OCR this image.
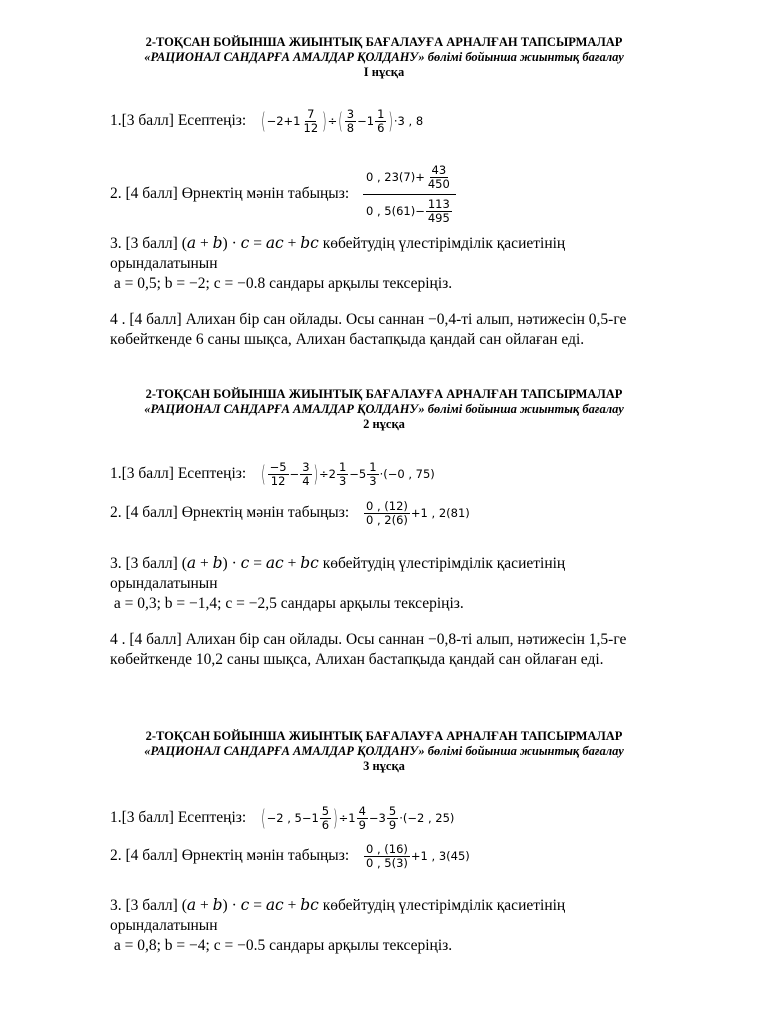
2-ТОҚСАН БОЙЫНША ЖИЫНТЫҚ БАҒАЛАУҒА АРНАЛҒАН ТАПСЫРМАЛАР
«РАЦИОНАЛ САНДАРҒА АМАЛДАР ҚОЛДАНУ» бөлімі бойынша жиынтық бағалау
І нұсқа
1.[3 балл] Есептеңіз: ($-2+1 \frac{7}{12}$ )÷( $\frac{3}{8} -1 \frac{1}{6} )\cdot 3$ , 8
2. [4 балл] Өрнектің мәнін табыңыз: $\frac{0 , 23(7)+ \frac{43}{450}}{0 , 5(61)- \frac{113}{495}}$
3. [3 балл] (a + b) · c = ac + bc көбейтудің үлестірімділік қасиетінің
орындалатынын
a = 0,5; b = −2; c = −0.8 сандары арқылы тексеріңіз.
4 . [4 балл] Алихан бір сан ойлады. Осы саннан −0,4-ті алып, нәтижесін 0,5-ге көбейткенде 6 саны шықса, Алихан бастапқыда қандай сан ойлаған еді.
2-ТОҚСАН БОЙЫНША ЖИЫНТЫҚ БАҒАЛАУҒА АРНАЛҒАН ТАПСЫРМАЛАР
«РАЦИОНАЛ САНДАРҒА АМАЛДАР ҚОЛДАНУ» бөлімі бойынша жиынтық бағалау
2 нұсқа
1.[3 балл] Есептеңіз: ( $\frac{-5}{12} - \frac{3}{4} )\div 2 \frac{1}{3} -5 \frac{1}{3} \cdot(-0$ , 75)
2. [4 балл] Өрнектің мәнін табыңыз: $\frac{0 , (12)}{0 , 2(6)} +1$ , 2(81)
3. [3 балл] (a + b) · c = ac + bc көбейтудің үлестірімділік қасиетінің
орындалатынын
a = 0,3; b = −1,4; c = −2,5 сандары арқылы тексеріңіз.
4 . [4 балл] Алихан бір сан ойлады. Осы саннан −0,8-ті алып, нәтижесін 1,5-ге көбейткенде 10,2 саны шықса, Алихан бастапқыда қандай сан ойлаған еді.
2-ТОҚСАН БОЙЫНША ЖИЫНТЫҚ БАҒАЛАУҒА АРНАЛҒАН ТАПСЫРМАЛАР
«РАЦИОНАЛ САНДАРҒА АМАЛДАР ҚОЛДАНУ» бөлімі бойынша жиынтық бағалау
3 нұсқа
1.[3 балл] Есептеңіз: (−2 , $5-1 \frac{5}{6} )\div 1 \frac{4}{9} -3 \frac{5}{9} \cdot(-2$ , 25)
2. [4 балл] Өрнектің мәнін табыңыз: $\frac{0 , (16)}{0 , 5(3)} +1$ , 3(45)
3. [3 балл] (a + b) · c = ac + bc көбейтудің үлестірімділік қасиетінің
орындалатынын
a = 0,8; b = −4; c = −0.5 сандары арқылы тексеріңіз.
